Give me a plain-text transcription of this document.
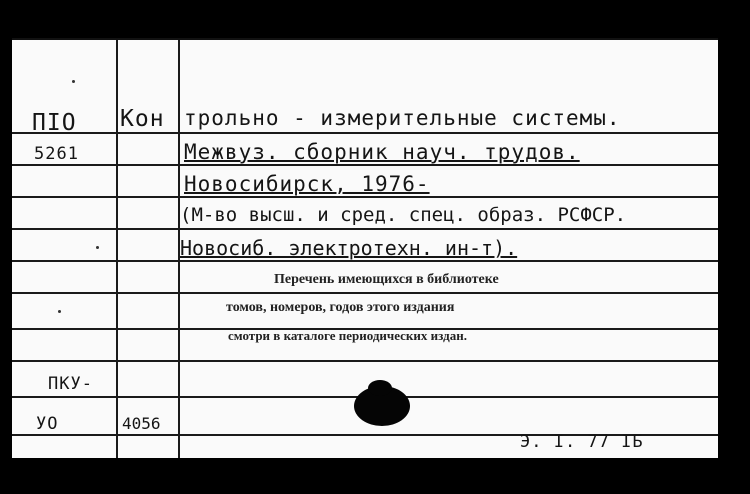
ПIO
5261
Кон трольно - измерительные системы.
Межвуз. сборник науч. трудов.
Новосибирск, 1976-
(М-во высш. и сред. спец. образ. РСФСР.
Новосиб. электротехн. ин-т).
Перечень имеющихся в библиотеке
томов, номеров, годов этого издания
смотри в каталоге периодических издан.
ПКУ-
УО	4056
Э. I. 77 IБ
